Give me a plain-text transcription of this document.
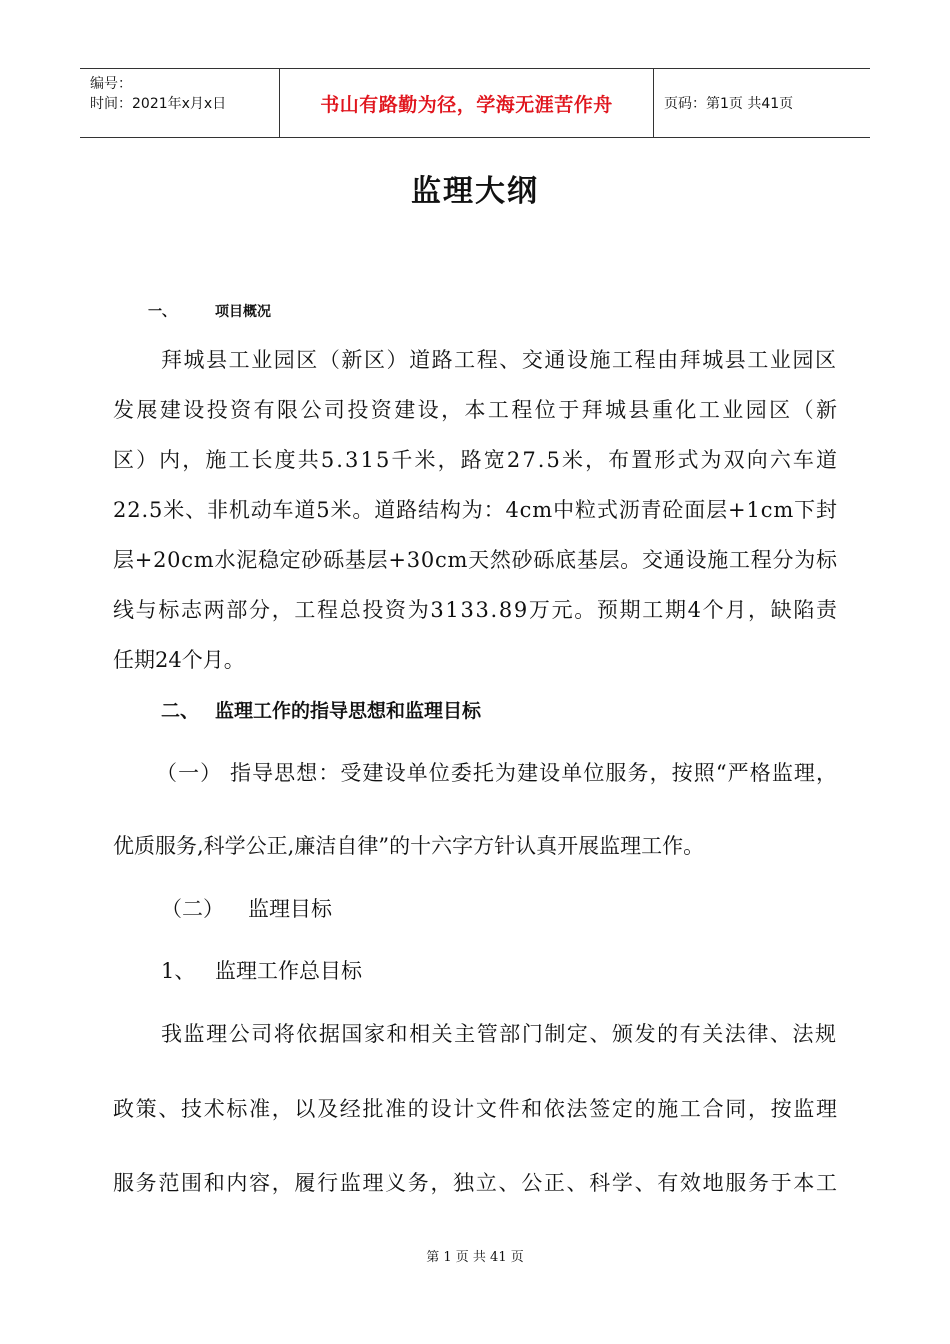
编号：
时间：2021年x月x日	书山有路勤为径，学海无涯苦作舟	页码：第1页 共41页
监理大纲
一、	项目概况
拜城县工业园区（新区）道路工程、交通设施工程由拜城县工业园区
发展建设投资有限公司投资建设，本工程位于拜城县重化工业园区（新
区）内，施工长度共5.315千米，路宽27.5米，布置形式为双向六车道
22.5米、非机动车道5米。道路结构为：4cm中粒式沥青砼面层+1cm下封
层+20cm水泥稳定砂砾基层+30cm天然砂砾底基层。交通设施工程分为标
线与标志两部分，工程总投资为3133.89万元。预期工期4个月，缺陷责
任期24个月。
二、 监理工作的指导思想和监理目标
（一） 指导思想：受建设单位委托为建设单位服务，按照“严格监理，
优质服务,科学公正,廉洁自律”的十六字方针认真开展监理工作。
（二） 监理目标
1、 监理工作总目标
我监理公司将依据国家和相关主管部门制定、颁发的有关法律、法规
政策、技术标准，以及经批准的设计文件和依法签定的施工合同，按监理
服务范围和内容，履行监理义务，独立、公正、科学、有效地服务于本工
第 1 页 共 41 页
